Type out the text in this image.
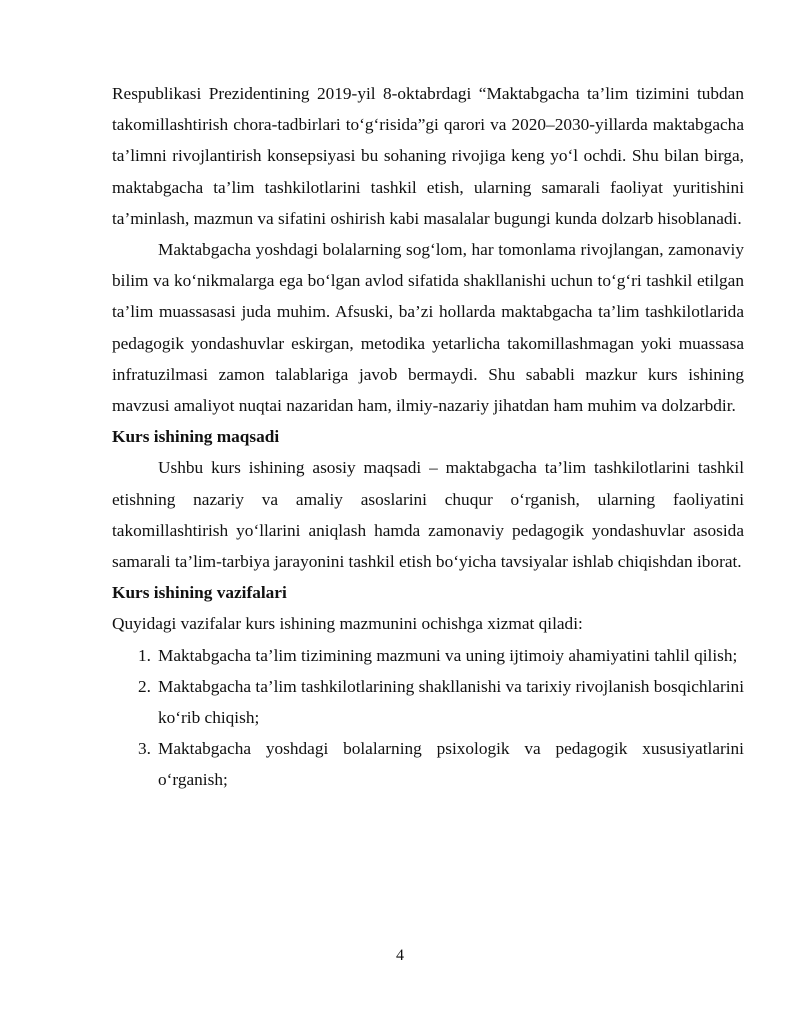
Respublikasi Prezidentining 2019-yil 8-oktabrdagi “Maktabgacha ta’lim tizimini tubdan takomillashtirish chora-tadbirlari to‘g‘risida”gi qarori va 2020–2030-yillarda maktabgacha ta’limni rivojlantirish konsepsiyasi bu sohaning rivojiga keng yo‘l ochdi. Shu bilan birga, maktabgacha ta’lim tashkilotlarini tashkil etish, ularning samarali faoliyat yuritishini ta’minlash, mazmun va sifatini oshirish kabi masalalar bugungi kunda dolzarb hisoblanadi.

Maktabgacha yoshdagi bolalarning sog‘lom, har tomonlama rivojlangan, zamonaviy bilim va ko‘nikmalarga ega bo‘lgan avlod sifatida shakllanishi uchun to‘g‘ri tashkil etilgan ta’lim muassasasi juda muhim. Afsuski, ba’zi hollarda maktabgacha ta’lim tashkilotlarida pedagogik yondashuvlar eskirgan, metodika yetarlicha takomillashmagan yoki muassasa infratuzilmasi zamon talablariga javob bermaydi. Shu sababli mazkur kurs ishining mavzusi amaliyot nuqtai nazaridan ham, ilmiy-nazariy jihatdan ham muhim va dolzarbdir.

Kurs ishining maqsadi

Ushbu kurs ishining asosiy maqsadi – maktabgacha ta’lim tashkilotlarini tashkil etishning nazariy va amaliy asoslarini chuqur o‘rganish, ularning faoliyatini takomillashtirish yo‘llarini aniqlash hamda zamonaviy pedagogik yondashuvlar asosida samarali ta’lim-tarbiya jarayonini tashkil etish bo‘yicha tavsiyalar ishlab chiqishdan iborat.

Kurs ishining vazifalari

Quyidagi vazifalar kurs ishining mazmunini ochishga xizmat qiladi:

1. Maktabgacha ta’lim tizimining mazmuni va uning ijtimoiy ahamiyatini tahlil qilish;
2. Maktabgacha ta’lim tashkilotlarining shakllanishi va tarixiy rivojlanish bosqichlarini ko‘rib chiqish;
3. Maktabgacha yoshdagi bolalarning psixologik va pedagogik xususiyatlarini o‘rganish;
4
